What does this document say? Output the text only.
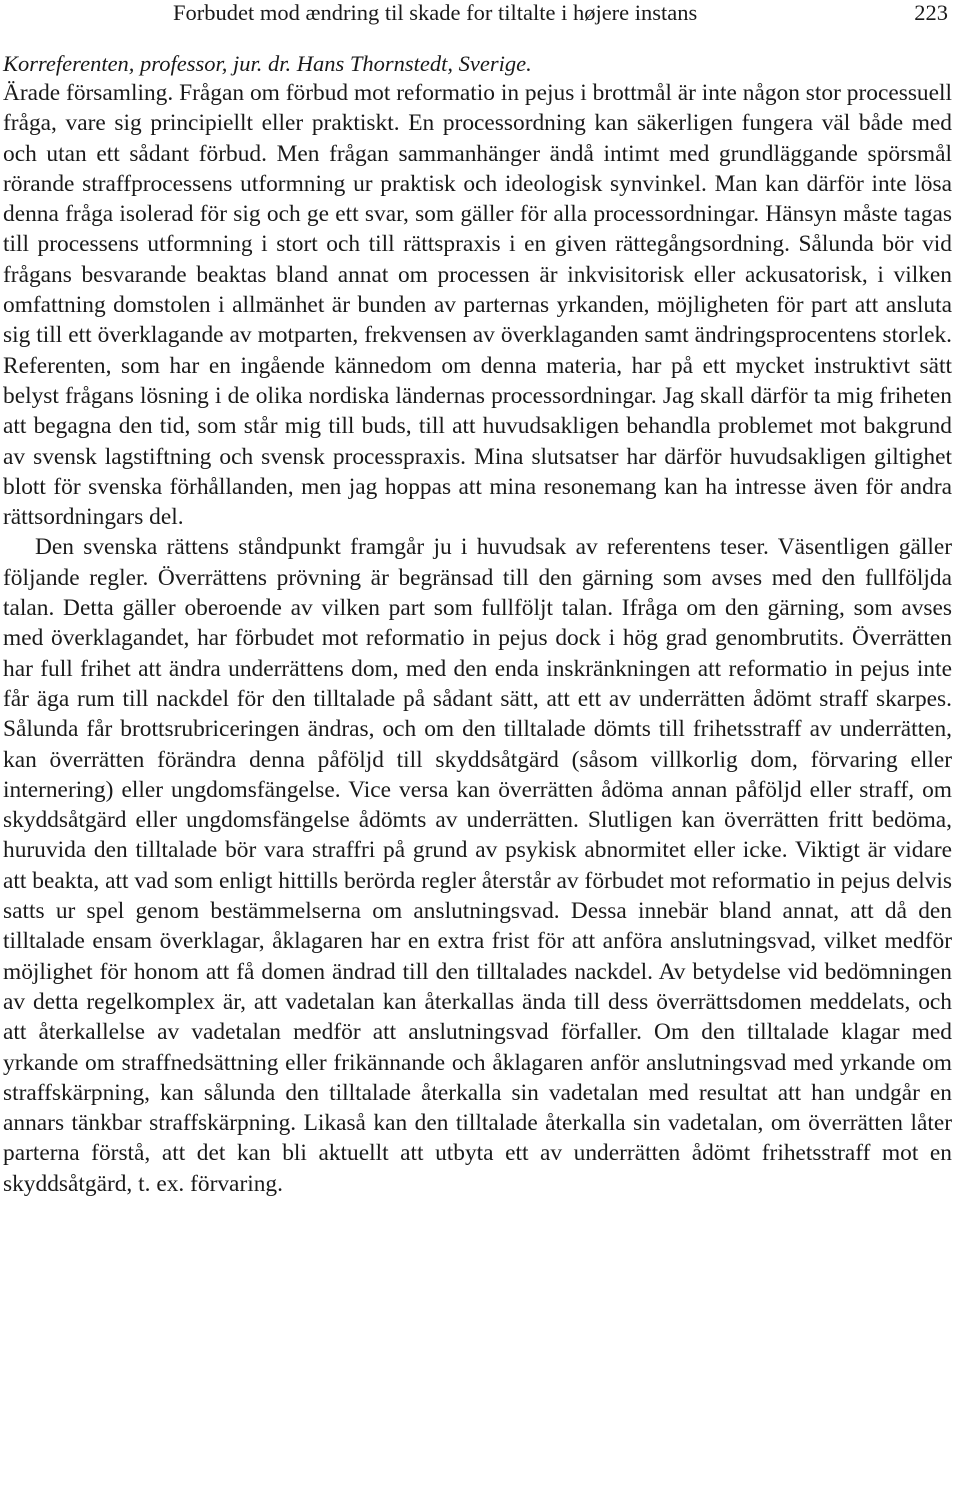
Forbudet mod ændring til skade for tiltalte i højere instans	223
Korreferenten, professor, jur. dr. Hans Thornstedt, Sverige.

Ärade församling. Frågan om förbud mot reformatio in pejus i brottmål är inte någon stor processuell fråga, vare sig principiellt eller praktiskt. En processordning kan säkerligen fungera väl både med och utan ett sådant förbud. Men frågan sammanhänger ändå intimt med grundläggande spörsmål rörande straffprocessens utformning ur praktisk och ideologisk synvinkel. Man kan därför inte lösa denna fråga isolerad för sig och ge ett svar, som gäller för alla processordningar. Hänsyn måste tagas till processens utformning i stort och till rättspraxis i en given rättegångsordning. Sålunda bör vid frågans besvarande beaktas bland annat om processen är inkvisitorisk eller ackusatorisk, i vilken omfattning domstolen i allmänhet är bunden av parternas yrkanden, möjligheten för part att ansluta sig till ett överklagande av motparten, frekvensen av överklaganden samt ändringsprocentens storlek. Referenten, som har en ingående kännedom om denna materia, har på ett mycket instruktivt sätt belyst frågans lösning i de olika nordiska ländernas processordningar. Jag skall därför ta mig friheten att begagna den tid, som står mig till buds, till att huvudsakligen behandla problemet mot bakgrund av svensk lagstiftning och svensk processpraxis. Mina slutsatser har därför huvudsakligen giltighet blott för svenska förhållanden, men jag hoppas att mina resonemang kan ha intresse även för andra rättsordningars del.

Den svenska rättens ståndpunkt framgår ju i huvudsak av referentens teser. Väsentligen gäller följande regler. Överrättens prövning är begränsad till den gärning som avses med den fullföljda talan. Detta gäller oberoende av vilken part som fullföljt talan. Ifråga om den gärning, som avses med överklagandet, har förbudet mot reformatio in pejus dock i hög grad genombrutits. Överrätten har full frihet att ändra underrättens dom, med den enda inskränkningen att reformatio in pejus inte får äga rum till nackdel för den tilltalade på sådant sätt, att ett av underrätten ådömt straff skarpes. Sålunda får brottsrubriceringen ändras, och om den tilltalade dömts till frihetsstraff av underrätten, kan överrätten förändra denna påföljd till skyddsåtgärd (såsom villkorlig dom, förvaring eller internering) eller ungdomsfängelse. Vice versa kan överrätten ådöma annan påföljd eller straff, om skyddsåtgärd eller ungdomsfängelse ådömts av underrätten. Slutligen kan överrätten fritt bedöma, huruvida den tilltalade bör vara straffri på grund av psykisk abnormitet eller icke. Viktigt är vidare att beakta, att vad som enligt hittills berörda regler återstår av förbudet mot reformatio in pejus delvis satts ur spel genom bestämmelserna om anslutningsvad. Dessa innebär bland annat, att då den tilltalade ensam överklagar, åklagaren har en extra frist för att anföra anslutningsvad, vilket medför möjlighet för honom att få domen ändrad till den tilltalades nackdel. Av betydelse vid bedömningen av detta regelkomplex är, att vadetalan kan återkallas ända till dess överrättsdomen meddelats, och att återkallelse av vadetalan medför att anslutningsvad förfaller. Om den tilltalade klagar med yrkande om straffnedsättning eller frikännande och åklagaren anför anslutningsvad med yrkande om straffskärpning, kan sålunda den tilltalade återkalla sin vadetalan med resultat att han undgår en annars tänkbar straffskärpning. Likaså kan den tilltalade återkalla sin vadetalan, om överrätten låter parterna förstå, att det kan bli aktuellt att utbyta ett av underrätten ådömt frihetsstraff mot en skyddsåtgärd, t. ex. förvaring.
